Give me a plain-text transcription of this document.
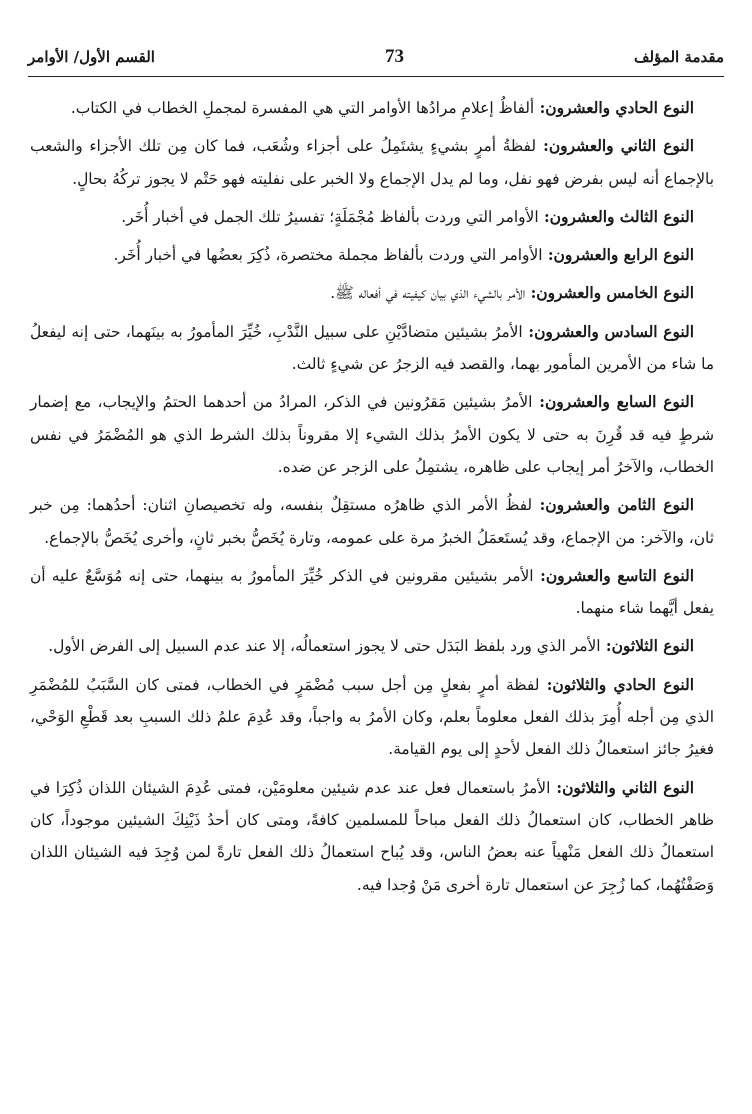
مقدمة المؤلف
73
القسم الأول/ الأوامر

النوع الحادي والعشرون: ألفاظُ إعلامِ مرادُها الأوامر التي هي المفسرة لمجملِ الخطاب في الكتاب.

النوع الثاني والعشرون: لفظةُ أمرٍ بشيءٍ يشتَمِلُ على أجزاء وشُعَب، فما كان مِن تلك الأجزاء والشعب بالإجماع أنه ليس بفرض فهو نفل، وما لم يدل الإجماع ولا الخبر على نفليته فهو حَتْم لا يجوز تركُهُ بحالٍ.

النوع الثالث والعشرون: الأوامر التي وردت بألفاظ مُجْمَلَةٍ؛ تفسيرُ تلك الجمل في أخبار أُخَر.

النوع الرابع والعشرون: الأوامر التي وردت بألفاظ مجملة مختصرة، ذُكِرَ بعضُها في أخبار أُخَر.

النوع الخامس والعشرون: الأمر بالشيء الذي بيان كيفيته في أفعاله ﷺ.

النوع السادس والعشرون: الأمرُ بشيئين متضادَّيْنِ على سبيل النَّدْبِ، خُيِّرَ المأمورُ به بينَهما، حتى إنه ليفعلُ ما شاء من الأمرين المأمور بهما، والقصد فيه الزجرُ عن شيءٍ ثالث.

النوع السابع والعشرون: الأمرُ بشيئين مَقرُونين في الذكر، المرادُ من أحدهما الحتمُ والإيجاب، مع إضمار شرطٍ فيه قد قُرِنَ به حتى لا يكون الأمرُ بذلك الشيء إلا مقروناً بذلك الشرط الذي هو المُضْمَرُ في نفس الخطاب، والآخرُ أمر إيجاب على ظاهره، يشتمِلُ على الزجر عن ضده.

النوع الثامن والعشرون: لفظُ الأمر الذي ظاهرُه مستقِلٌ بنفسه، وله تخصيصانِ اثنان: أحدُهما: مِن خبر ثان، والآخر: من الإجماع، وقد يُستَعمَلُ الخبرُ مرة على عمومه، وتارة يُخَصُّ بخبر ثانٍ، وأخرى يُخَصُّ بالإجماع.

النوع التاسع والعشرون: الأمر بشيئين مقرونين في الذكر خُيِّرَ المأمورُ به بينهما، حتى إنه مُوَسَّعٌ عليه أن يفعل أيَّهما شاء منهما.

النوع الثلاثون: الأمر الذي ورد بلفظ البَدَل حتى لا يجوز استعمالُه، إلا عند عدم السبيل إلى الفرض الأول.

النوع الحادي والثلاثون: لفظة أمرٍ بفعلٍ مِن أجل سبب مُضْمَرٍ في الخطاب، فمتى كان السَّبَبُ للمُضْمَرِ الذي مِن أجله أُمِرَ بذلك الفعل معلوماً بعلم، وكان الأمرُ به واجباً، وقد عُدِمَ علمُ ذلك السببِ بعد قَطْعِ الوَحْي، فغيرُ جائز استعمالُ ذلك الفعل لأحدٍ إلى يوم القيامة.

النوع الثاني والثلاثون: الأمرُ باستعمال فعل عند عدم شيئين معلومَيْن، فمتى عُدِمَ الشيئان اللذان ذُكِرَا في ظاهر الخطاب، كان استعمالُ ذلك الفعل مباحاً للمسلمين كافةً، ومتى كان أحدُ ذَيْنِكَ الشيئين موجوداً، كان استعمالُ ذلك الفعل مَنْهياً عنه بعضُ الناس، وقد يُباح استعمالُ ذلك الفعل تارةً لمن وُجِدَ فيه الشيئان اللذان وَصَفْتُهُما، كما زُجِرَ عن استعمال تارة أخرى مَنْ وُجدا فيه.
